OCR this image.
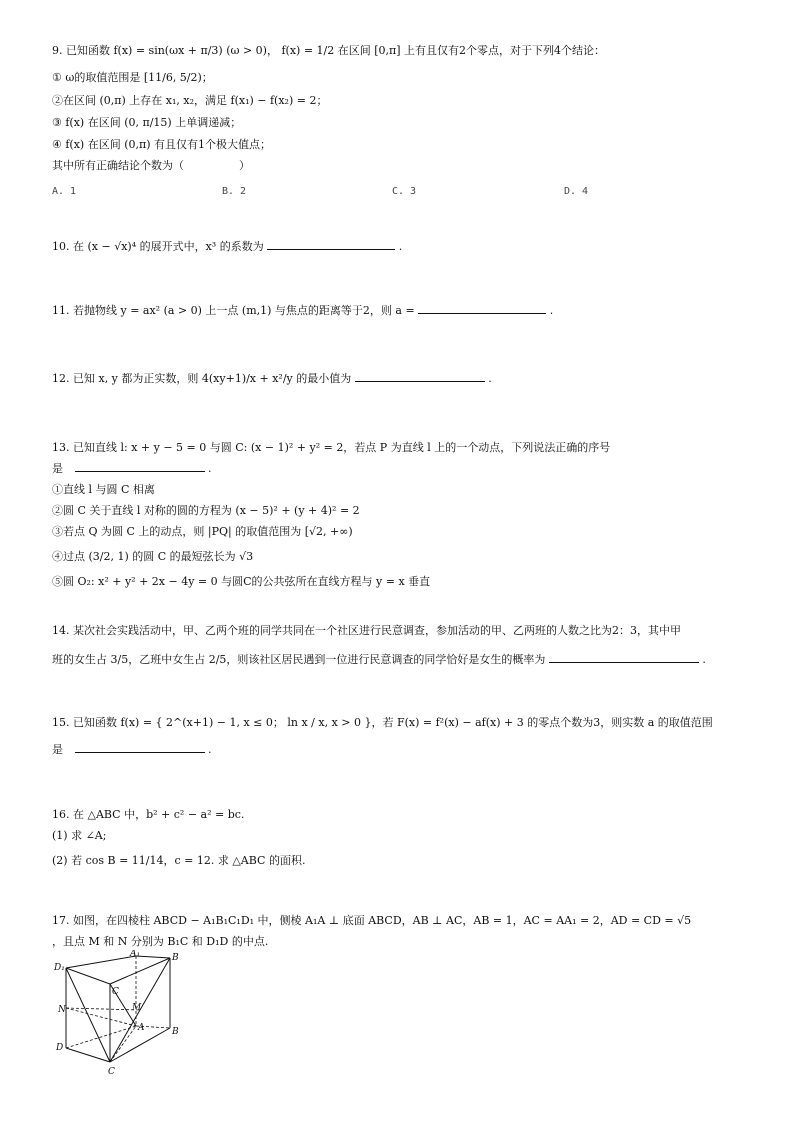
9. 已知函数 f(x) = sin(ωx + π/3) (ω > 0)， f(x) = 1/2 在区间 [0,π] 上有且仅有2个零点，对于下列4个结论：
① ω的取值范围是 [11/6, 5/2)；
②在区间 (0,π) 上存在 x₁, x₂，满足 f(x₁) − f(x₂) = 2；
③ f(x) 在区间 (0, π/15) 上单调递减；
④ f(x) 在区间 (0,π) 有且仅有1个极大值点；
其中所有正确结论个数为（　　　　　）
A. 1	B. 2	C. 3	D. 4
10. 在 (x − √x)⁴ 的展开式中，x³ 的系数为	.
11. 若抛物线 y = ax² (a > 0) 上一点 (m,1) 与焦点的距离等于2，则 a =	.
12. 已知 x, y 都为正实数，则 4(xy+1)/x + x²/y 的最小值为	.
13. 已知直线 l: x + y − 5 = 0 与圆 C: (x − 1)² + y² = 2，若点 P 为直线 l 上的一个动点，下列说法正确的序号
是	.
①直线 l 与圆 C 相离
②圆 C 关于直线 l 对称的圆的方程为 (x − 5)² + (y + 4)² = 2
③若点 Q 为圆 C 上的动点，则 |PQ| 的取值范围为 [√2, +∞)
④过点 (3/2, 1) 的圆 C 的最短弦长为 √3
⑤圆 O₂: x² + y² + 2x − 4y = 0 与圆C的公共弦所在直线方程与 y = x 垂直
14. 某次社会实践活动中，甲、乙两个班的同学共同在一个社区进行民意调查，参加活动的甲、乙两班的人数之比为2：3，其中甲
班的女生占 3/5，乙班中女生占 2/5，则该社区居民遇到一位进行民意调查的同学恰好是女生的概率为	.
15. 已知函数 f(x) = { 2^(x+1) − 1, x ≤ 0； ln x / x, x > 0 }，若 F(x) = f²(x) − af(x) + 3 的零点个数为3，则实数 a 的取值范围
是	.
16. 在 △ABC 中，b² + c² − a² = bc.
(1) 求 ∠A;
(2) 若 cos B = 11/14，c = 12. 求 △ABC 的面积.
17. 如图，在四棱柱 ABCD − A₁B₁C₁D₁ 中，侧棱 A₁A ⊥ 底面 ABCD，AB ⊥ AC，AB = 1，AC = AA₁ = 2，AD = CD = √5
，且点 M 和 N 分别为 B₁C 和 D₁D 的中点.
A₁	B
D₁
C
M
N
A	B
D
C
